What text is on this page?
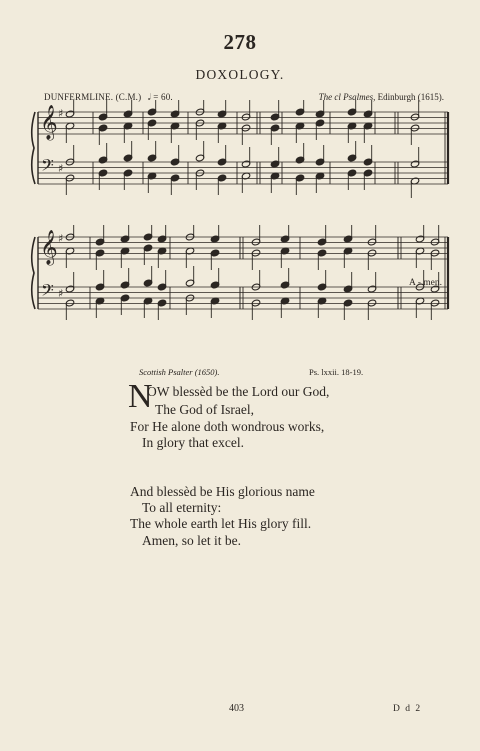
278
DOXOLOGY.
DUNFERMLINE. (C.M.) 𝅗𝅥 = 60.	The cl Psalmes, Edinburgh (1615).
𝄞
𝄢
♯
♯
𝄞
𝄢
♯
♯
A - men.
Scottish Psalter (1650).	Ps. lxxii. 18-19.
N
OW blessèd be the Lord our God,
The God of Israel,
For He alone doth wondrous works,
In glory that excel.
And blessèd be His glorious name
To all eternity:
The whole earth let His glory fill.
Amen, so let it be.
403	D d 2
